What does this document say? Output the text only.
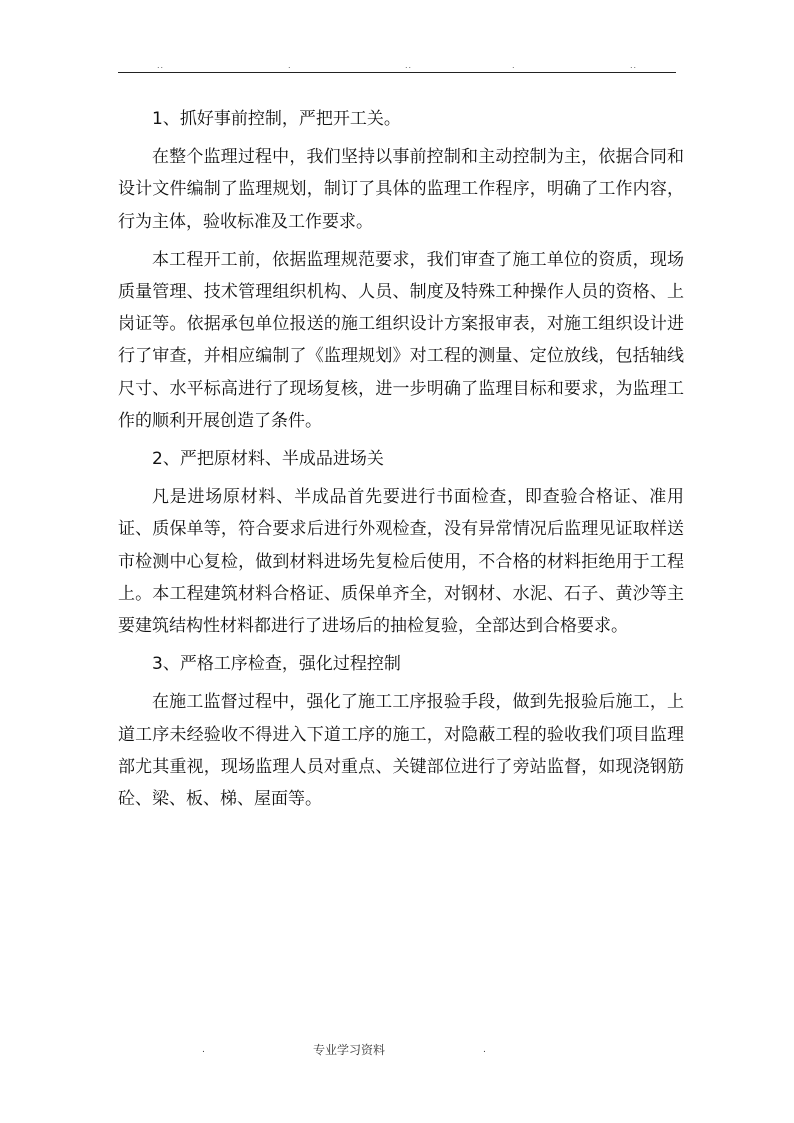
..	.	..	.	..

1、抓好事前控制，严把开工关。

在整个监理过程中，我们坚持以事前控制和主动控制为主，依据合同和设计文件编制了监理规划，制订了具体的监理工作程序，明确了工作内容，行为主体，验收标准及工作要求。

本工程开工前，依据监理规范要求，我们审查了施工单位的资质，现场质量管理、技术管理组织机构、人员、制度及特殊工种操作人员的资格、上岗证等。依据承包单位报送的施工组织设计方案报审表，对施工组织设计进行了审查，并相应编制了《监理规划》对工程的测量、定位放线，包括轴线尺寸、水平标高进行了现场复核，进一步明确了监理目标和要求，为监理工作的顺利开展创造了条件。

2、严把原材料、半成品进场关

凡是进场原材料、半成品首先要进行书面检查，即查验合格证、准用证、质保单等，符合要求后进行外观检查，没有异常情况后监理见证取样送市检测中心复检，做到材料进场先复检后使用，不合格的材料拒绝用于工程上。本工程建筑材料合格证、质保单齐全，对钢材、水泥、石子、黄沙等主要建筑结构性材料都进行了进场后的抽检复验，全部达到合格要求。

3、严格工序检查，强化过程控制

在施工监督过程中，强化了施工工序报验手段，做到先报验后施工，上道工序未经验收不得进入下道工序的施工，对隐蔽工程的验收我们项目监理部尤其重视，现场监理人员对重点、关键部位进行了旁站监督，如现浇钢筋砼、梁、板、梯、屋面等。

.	专业学习资料	.
